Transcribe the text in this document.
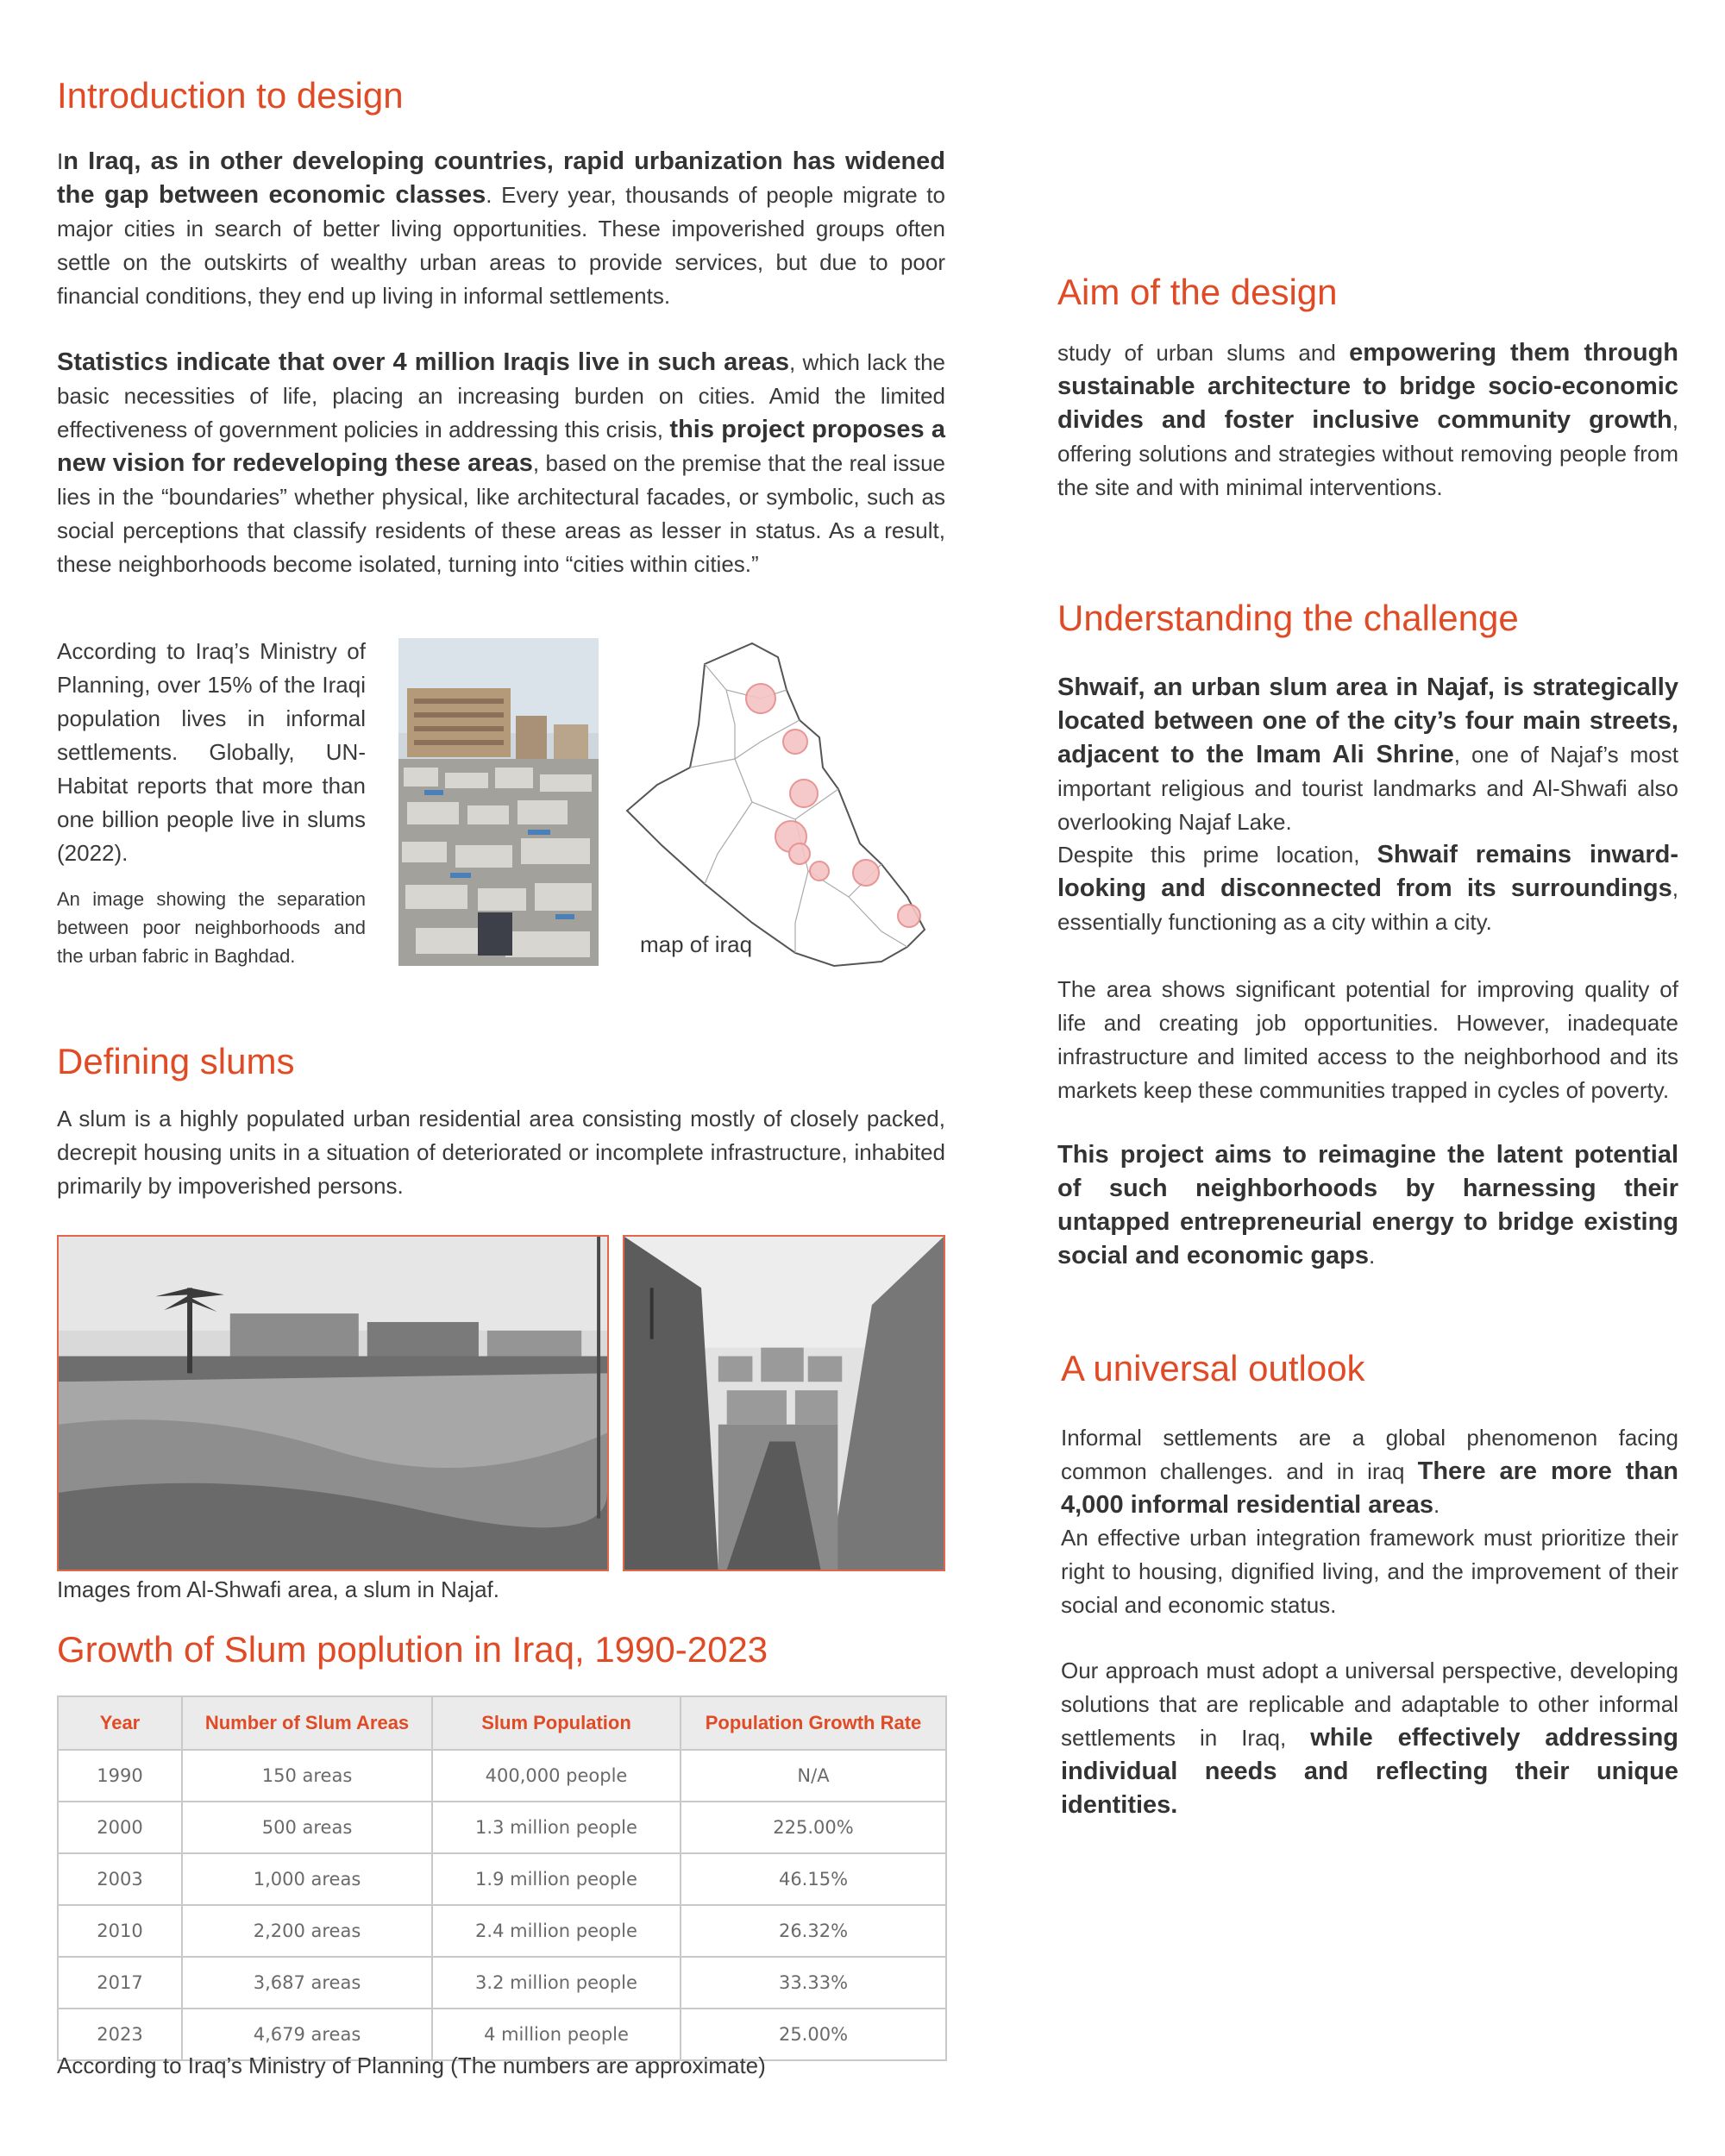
Introduction to design
In Iraq, as in other developing countries, rapid urbanization has widened the gap between economic classes. Every year, thousands of people migrate to major cities in search of better living opportunities. These impoverished groups often settle on the outskirts of wealthy urban areas to provide services, but due to poor financial conditions, they end up living in informal settlements.
Statistics indicate that over 4 million Iraqis live in such areas, which lack the basic necessities of life, placing an increasing burden on cities. Amid the limited effectiveness of government policies in addressing this crisis, this project proposes a new vision for redeveloping these areas, based on the premise that the real issue lies in the “boundaries” whether physical, like architectural facades, or symbolic, such as social perceptions that classify residents of these areas as lesser in status. As a result, these neighborhoods become isolated, turning into “cities within cities.”
According to Iraq’s Ministry of Planning, over 15% of the Iraqi population lives in informal settlements. Globally, UN-Habitat reports that more than one billion people live in slums (2022).
An image showing the separation between poor neighborhoods and the urban fabric in Baghdad.	map of iraq
Defining slums
A slum is a highly populated urban residential area consisting mostly of closely packed, decrepit housing units in a situation of deteriorated or incomplete infrastructure, inhabited primarily by impoverished persons.
Images from Al-Shwafi area, a slum in Najaf.
Growth of Slum poplution in Iraq, 1990-2023
Year	Number of Slum Areas	Slum Population	Population Growth Rate
1990	150 areas	400,000 people	N/A
2000	500 areas	1.3 million people	225.00%
2003	1,000 areas	1.9 million people	46.15%
2010	2,200 areas	2.4 million people	26.32%
2017	3,687 areas	3.2 million people	33.33%
2023	4,679 areas	4 million people	25.00%
According to Iraq’s Ministry of Planning (The numbers are approximate)
Aim of the design
study of urban slums and empowering them through sustainable architecture to bridge socio-economic divides and foster inclusive community growth, offering solutions and strategies without removing people from the site and with minimal interventions.
Understanding the challenge
Shwaif, an urban slum area in Najaf, is strategically located between one of the city’s four main streets, adjacent to the Imam Ali Shrine, one of Najaf’s most important religious and tourist landmarks and Al-Shwafi also overlooking Najaf Lake.
Despite this prime location, Shwaif remains inward-looking and disconnected from its surroundings, essentially functioning as a city within a city.
The area shows significant potential for improving quality of life and creating job opportunities. However, inadequate infrastructure and limited access to the neighborhood and its markets keep these communities trapped in cycles of poverty.
This project aims to reimagine the latent potential of such neighborhoods by harnessing their untapped entrepreneurial energy to bridge existing social and economic gaps.
A universal outlook
Informal settlements are a global phenomenon facing common challenges. and in iraq There are more than 4,000 informal residential areas.
An effective urban integration framework must prioritize their right to housing, dignified living, and the improvement of their social and economic status.
Our approach must adopt a universal perspective, developing solutions that are replicable and adaptable to other informal settlements in Iraq, while effectively addressing individual needs and reflecting their unique identities.
